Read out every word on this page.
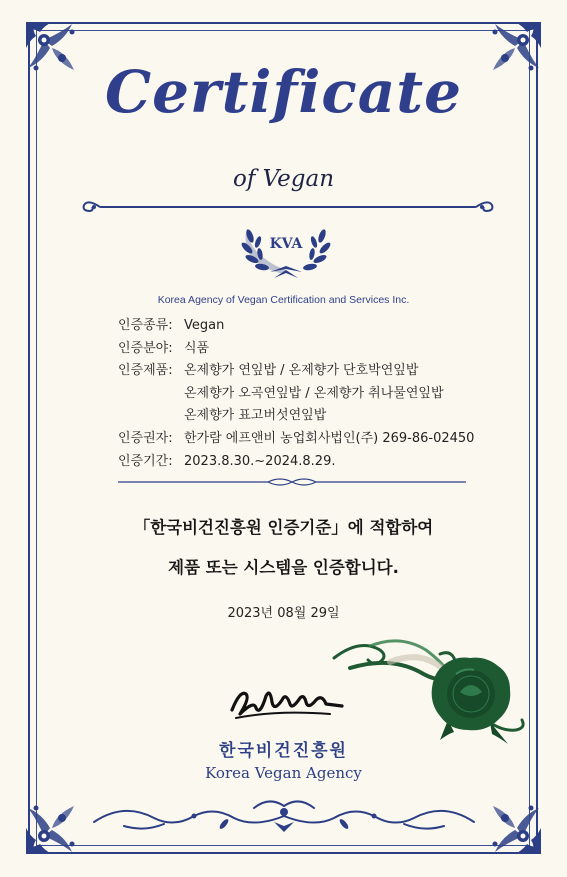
Certificate
of Vegan
KVA
Korea Agency of Vegan Certification and Services Inc.
인증종류: Vegan
인증분야: 식품
인증제품: 온제향가 연잎밥 / 온제향가 단호박연잎밥
온제향가 오곡연잎밥 / 온제향가 취나물연잎밥
온제향가 표고버섯연잎밥
인증권자: 한가람 에프앤비 농업회사법인(주) 269-86-02450
인증기간: 2023.8.30.~2024.8.29.
「한국비건진흥원 인증기준」에 적합하여
제품 또는 시스템을 인증합니다.
2023년 08월 29일
한국비건진흥원
Korea Vegan Agency
